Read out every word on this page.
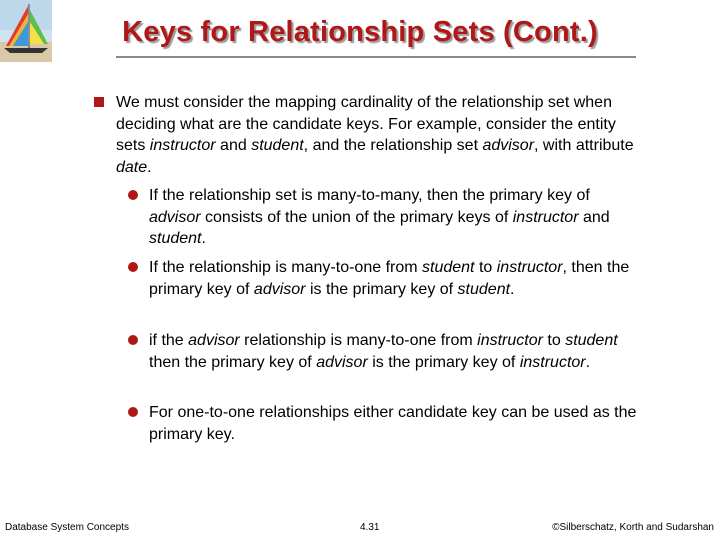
Keys for Relationship Sets (Cont.)
We must consider the mapping cardinality of the relationship set when deciding what are the candidate keys. For example, consider the entity sets instructor and student, and the relationship set advisor, with attribute date.
If the relationship set is many-to-many, then the primary key of advisor consists of the union of the primary keys of instructor and student.
If the relationship is many-to-one from student to instructor, then the primary key of advisor is the primary key of student.
if the advisor relationship is many-to-one from instructor to student then the primary key of advisor is the primary key of instructor.
For one-to-one relationships either candidate key can be used as the primary key.
Database System Concepts	4.31	©Silberschatz, Korth and Sudarshan
